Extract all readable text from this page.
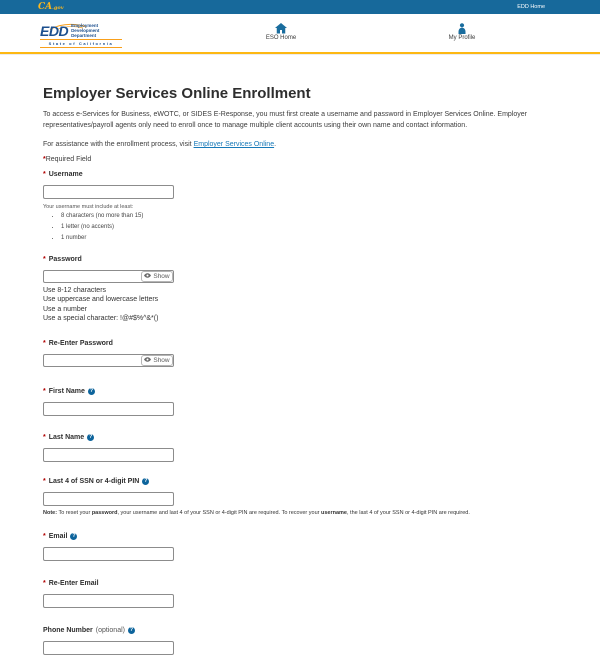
CA.gov	EDD Home
EDD Employment
Development
Department
State of California
ESO Home	My Profile
Employer Services Online Enrollment

To access e-Services for Business, eWOTC, or SIDES E-Response, you must first create a username and password in Employer Services Online. Employer representatives/payroll agents only need to enroll once to manage multiple client accounts using their own name and contact information.

For assistance with the enrollment process, visit Employer Services Online.

*Required Field

* Username
Your username must include at least:
• 8 characters (no more than 15)
• 1 letter (no accents)
• 1 number
* Password
Show
Use 8-12 characters
Use uppercase and lowercase letters
Use a number
Use a special character: !@#$%^&*()
* Re-Enter Password
Show
* First Name ?
* Last Name ?
* Last 4 of SSN or 4-digit PIN ?
Note: To reset your password, your username and last 4 of your SSN or 4-digit PIN are required. To recover your username, the last 4 of your SSN or 4-digit PIN are required.
* Email ?
* Re-Enter Email
Phone Number (optional) ?
